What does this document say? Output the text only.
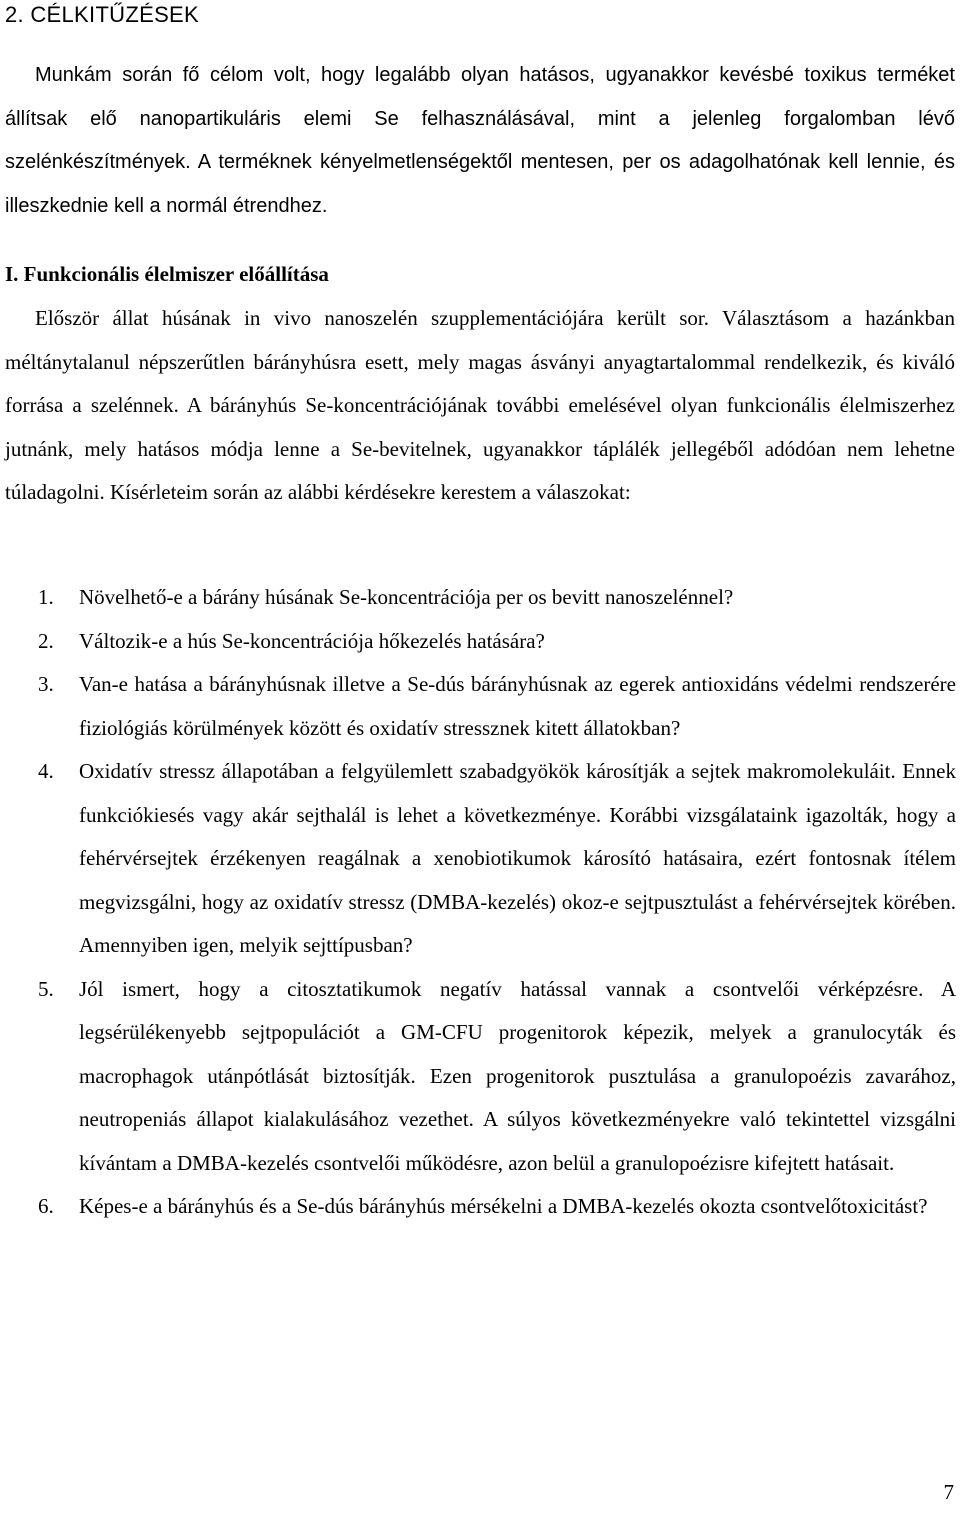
2. CÉLKITŰZÉSEK
Munkám során fő célom volt, hogy legalább olyan hatásos, ugyanakkor kevésbé toxikus terméket állítsak elő nanopartikuláris elemi Se felhasználásával, mint a jelenleg forgalomban lévő szelénkészítmények. A terméknek kényelmetlenségektől mentesen, per os adagolhatónak kell lennie, és illeszkednie kell a normál étrendhez.
I. Funkcionális élelmiszer előállítása
Először állat húsának in vivo nanoszelén szupplementációjára került sor. Választásom a hazánkban méltánytalanul népszerűtlen bárányhúsra esett, mely magas ásványi anyagtartalommal rendelkezik, és kiváló forrása a szelénnek. A bárányhús Se-koncentrációjának további emelésével olyan funkcionális élelmiszerhez jutnánk, mely hatásos módja lenne a Se-bevitelnek, ugyanakkor táplálék jellegéből adódóan nem lehetne túladagolni. Kísérleteim során az alábbi kérdésekre kerestem a válaszokat:
1. Növelhető-e a bárány húsának Se-koncentrációja per os bevitt nanoszelénnel?
2. Változik-e a hús Se-koncentrációja hőkezelés hatására?
3. Van-e hatása a bárányhúsnak illetve a Se-dús bárányhúsnak az egerek antioxidáns védelmi rendszerére fiziológiás körülmények között és oxidatív stressznek kitett állatokban?
4. Oxidatív stressz állapotában a felgyülemlett szabadgyökök károsítják a sejtek makromolekuláit. Ennek funkciókiesés vagy akár sejthalál is lehet a következménye. Korábbi vizsgálataink igazolták, hogy a fehérvérsejtek érzékenyen reagálnak a xenobiotikumok károsító hatásaira, ezért fontosnak ítélem megvizsgálni, hogy az oxidatív stressz (DMBA-kezelés) okoz-e sejtpusztulást a fehérvérsejtek körében. Amennyiben igen, melyik sejttípusban?
5. Jól ismert, hogy a citosztatikumok negatív hatással vannak a csontvelői vérképzésre. A legsérülékenyebb sejtpopulációt a GM-CFU progenitorok képezik, melyek a granulocyták és macrophagok utánpótlását biztosítják. Ezen progenitorok pusztulása a granulopoézis zavarához, neutropeniás állapot kialakulásához vezethet. A súlyos következményekre való tekintettel vizsgálni kívántam a DMBA-kezelés csontvelői működésre, azon belül a granulopoézisre kifejtett hatásait.
6. Képes-e a bárányhús és a Se-dús bárányhús mérsékelni a DMBA-kezelés okozta csontvelőtoxicitást?
7
